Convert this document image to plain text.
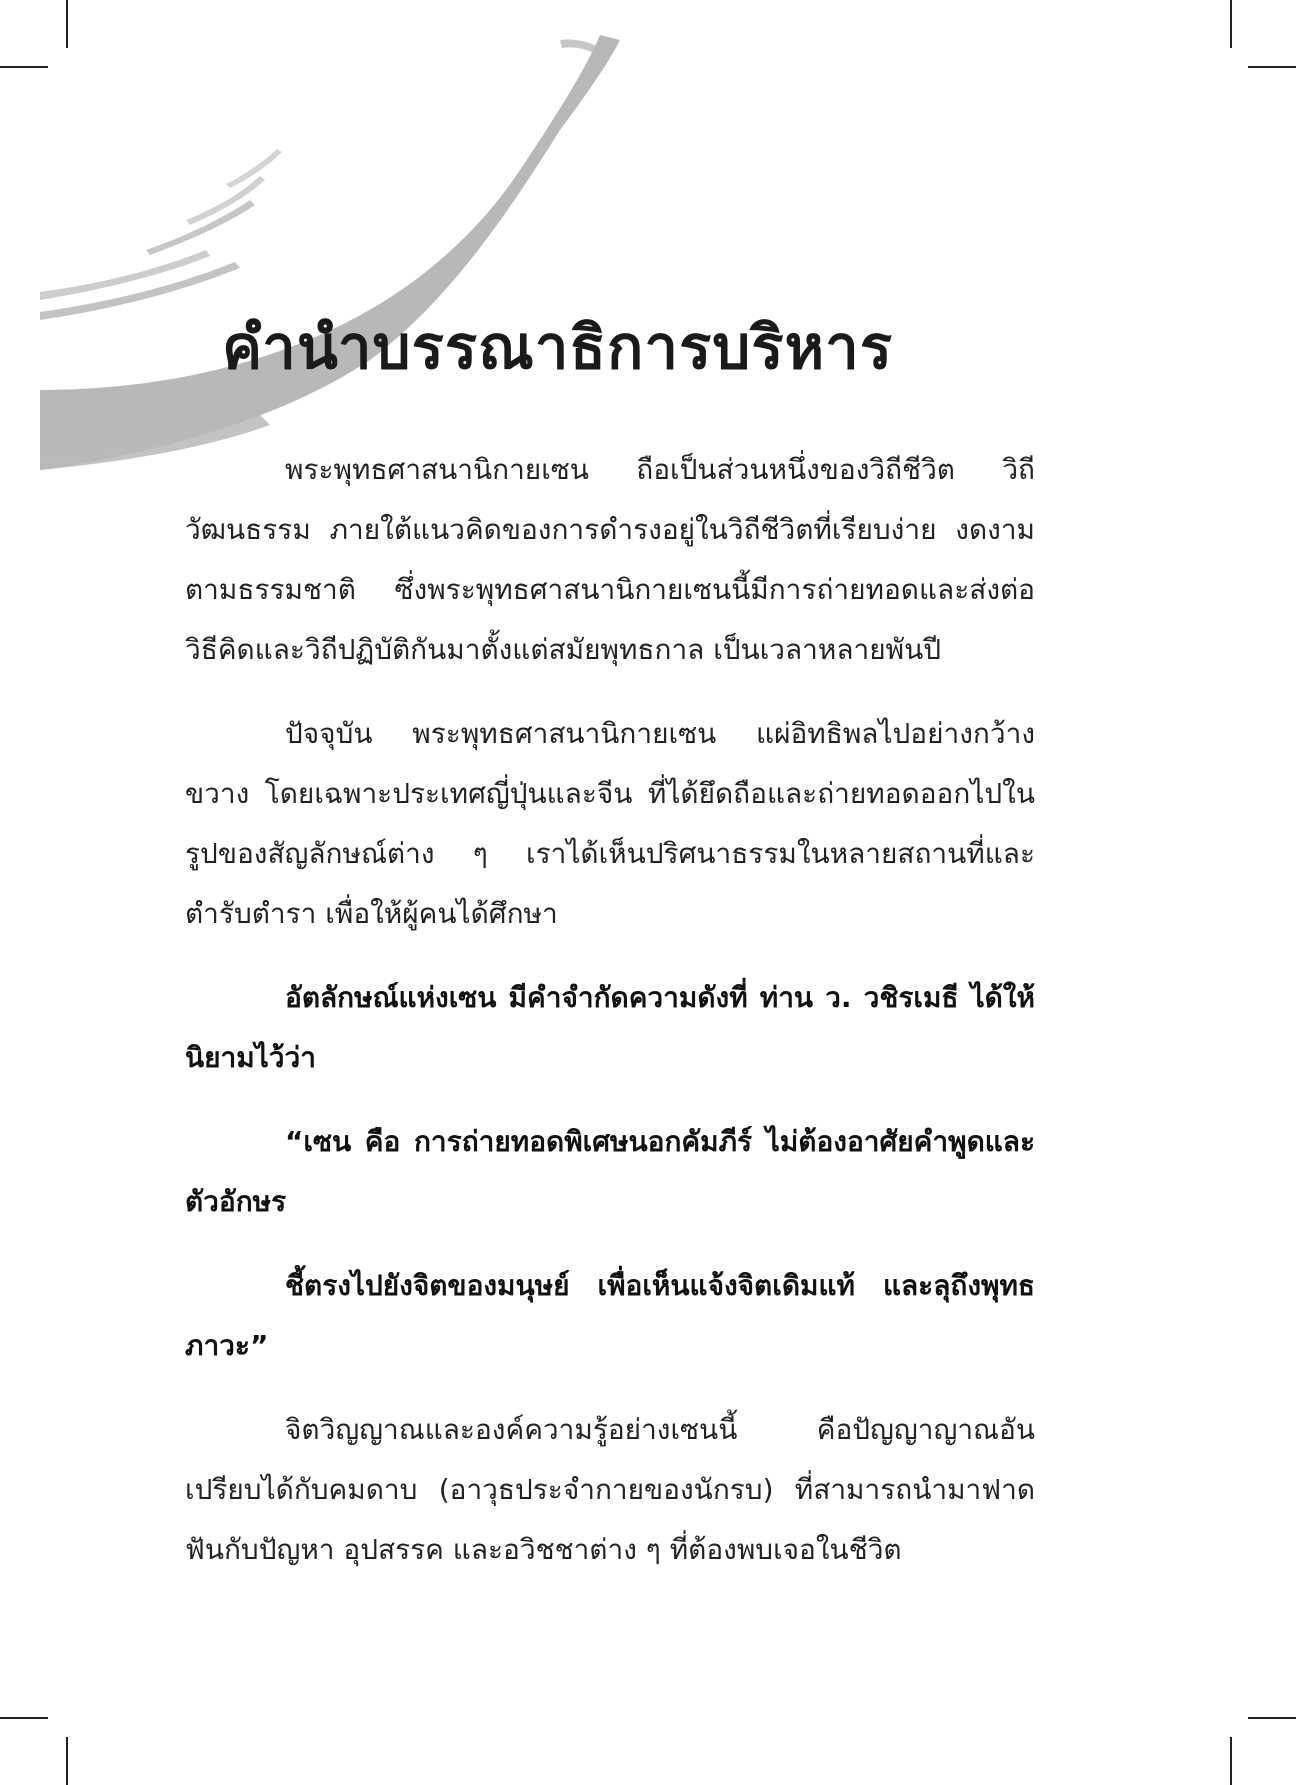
คำนำบรรณาธิการบริหาร

พระพุทธศาสนานิกายเซน ถือเป็นส่วนหนึ่งของวิถีชีวิต วิถีวัฒนธรรม ภายใต้แนวคิดของการดำรงอยู่ในวิถีชีวิตที่เรียบง่าย งดงามตามธรรมชาติ ซึ่งพระพุทธศาสนานิกายเซนนี้มีการถ่ายทอดและส่งต่อวิธีคิดและวิถีปฏิบัติกันมาตั้งแต่สมัยพุทธกาล เป็นเวลาหลายพันปี

ปัจจุบัน พระพุทธศาสนานิกายเซน แผ่อิทธิพลไปอย่างกว้างขวาง โดยเฉพาะประเทศญี่ปุ่นและจีน ที่ได้ยึดถือและถ่ายทอดออกไปในรูปของสัญลักษณ์ต่าง ๆ เราได้เห็นปริศนาธรรมในหลายสถานที่และตำรับตำรา เพื่อให้ผู้คนได้ศึกษา

อัตลักษณ์แห่งเซน มีคำจำกัดความดังที่ ท่าน ว. วชิรเมธี ได้ให้นิยามไว้ว่า

“เซน คือ การถ่ายทอดพิเศษนอกคัมภีร์ ไม่ต้องอาศัยคำพูดและตัวอักษร

ชี้ตรงไปยังจิตของมนุษย์ เพื่อเห็นแจ้งจิตเดิมแท้ และลุถึงพุทธภาวะ”

จิตวิญญาณและองค์ความรู้อย่างเซนนี้ คือปัญญาญาณอันเปรียบได้กับคมดาบ (อาวุธประจำกายของนักรบ) ที่สามารถนำมาฟาดฟันกับปัญหา อุปสรรค และอวิชชาต่าง ๆ ที่ต้องพบเจอในชีวิต
